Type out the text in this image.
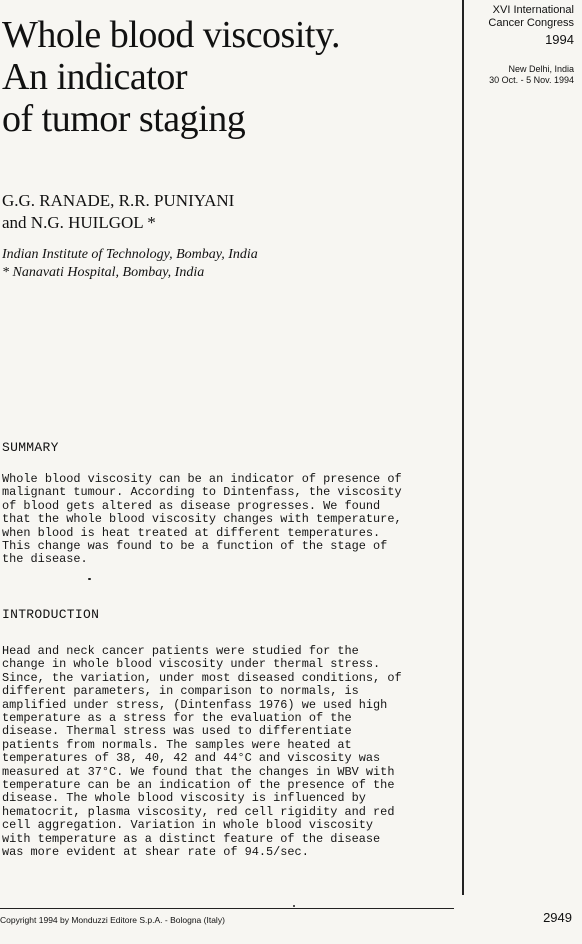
Whole blood viscosity.
An indicator
of tumor staging
G.G. RANADE, R.R. PUNIYANI
and N.G. HUILGOL *
Indian Institute of Technology, Bombay, India
* Nanavati Hospital, Bombay, India
XVI International
Cancer Congress
1994
New Delhi, India
30 Oct. - 5 Nov. 1994
SUMMARY
Whole blood viscosity can be an indicator of presence of
malignant tumour. According to Dintenfass, the viscosity
of blood gets altered as disease progresses. We found
that the whole blood viscosity changes with temperature,
when blood is heat treated at different temperatures.
This change was found to be a function of the stage of
the disease.
INTRODUCTION
Head and neck cancer patients were studied for the
change in whole blood viscosity under thermal stress.
Since, the variation, under most diseased conditions, of
different parameters, in comparison to normals, is
amplified under stress, (Dintenfass 1976) we used high
temperature as a stress for the evaluation of the
disease. Thermal stress was used to differentiate
patients from normals. The samples were heated at
temperatures of 38, 40, 42 and 44°C and viscosity was
measured at 37°C. We found that the changes in WBV with
temperature can be an indication of the presence of the
disease. The whole blood viscosity is influenced by
hematocrit, plasma viscosity, red cell rigidity and red
cell aggregation. Variation in whole blood viscosity
with temperature as a distinct feature of the disease
was more evident at shear rate of 94.5/sec.
Copyright 1994 by Monduzzi Editore S.p.A. - Bologna (Italy)	2949
